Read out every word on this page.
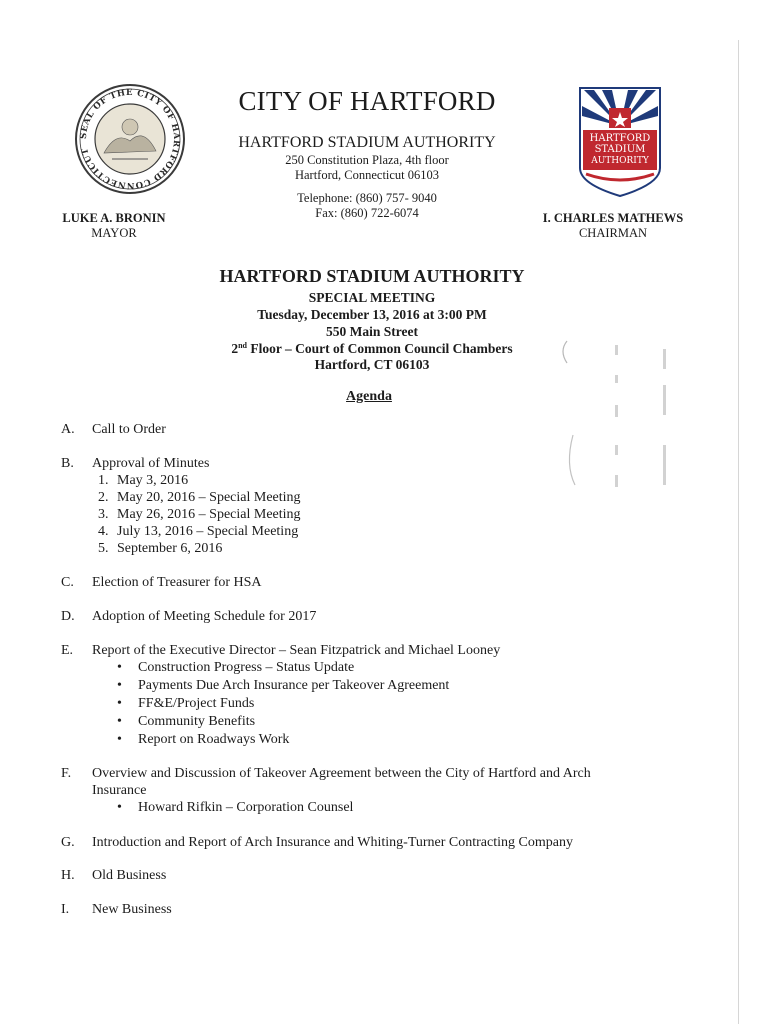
SEAL OF THE CITY OF HARTFORD CONNECTICUT
HARTFORD
STADIUM
AUTHORITY
CITY OF HARTFORD
HARTFORD STADIUM AUTHORITY
250 Constitution Plaza, 4th floor
Hartford, Connecticut 06103
Telephone: (860) 757- 9040
Fax: (860) 722-6074
LUKE A. BRONIN
MAYOR
I. CHARLES MATHEWS
CHAIRMAN
HARTFORD STADIUM AUTHORITY
SPECIAL MEETING
Tuesday, December 13, 2016 at 3:00 PM
550 Main Street
2nd Floor – Court of Common Council Chambers
Hartford, CT 06103
Agenda
A. Call to Order
B. Approval of Minutes
1. May 3, 2016
2. May 20, 2016 – Special Meeting
3. May 26, 2016 – Special Meeting
4. July 13, 2016 – Special Meeting
5. September 6, 2016
C. Election of Treasurer for HSA
D. Adoption of Meeting Schedule for 2017
E. Report of the Executive Director – Sean Fitzpatrick and Michael Looney
• Construction Progress – Status Update
• Payments Due Arch Insurance per Takeover Agreement
• FF&E/Project Funds
• Community Benefits
• Report on Roadways Work
F. Overview and Discussion of Takeover Agreement between the City of Hartford and Arch
Insurance
• Howard Rifkin – Corporation Counsel
G. Introduction and Report of Arch Insurance and Whiting-Turner Contracting Company
H. Old Business
I. New Business
